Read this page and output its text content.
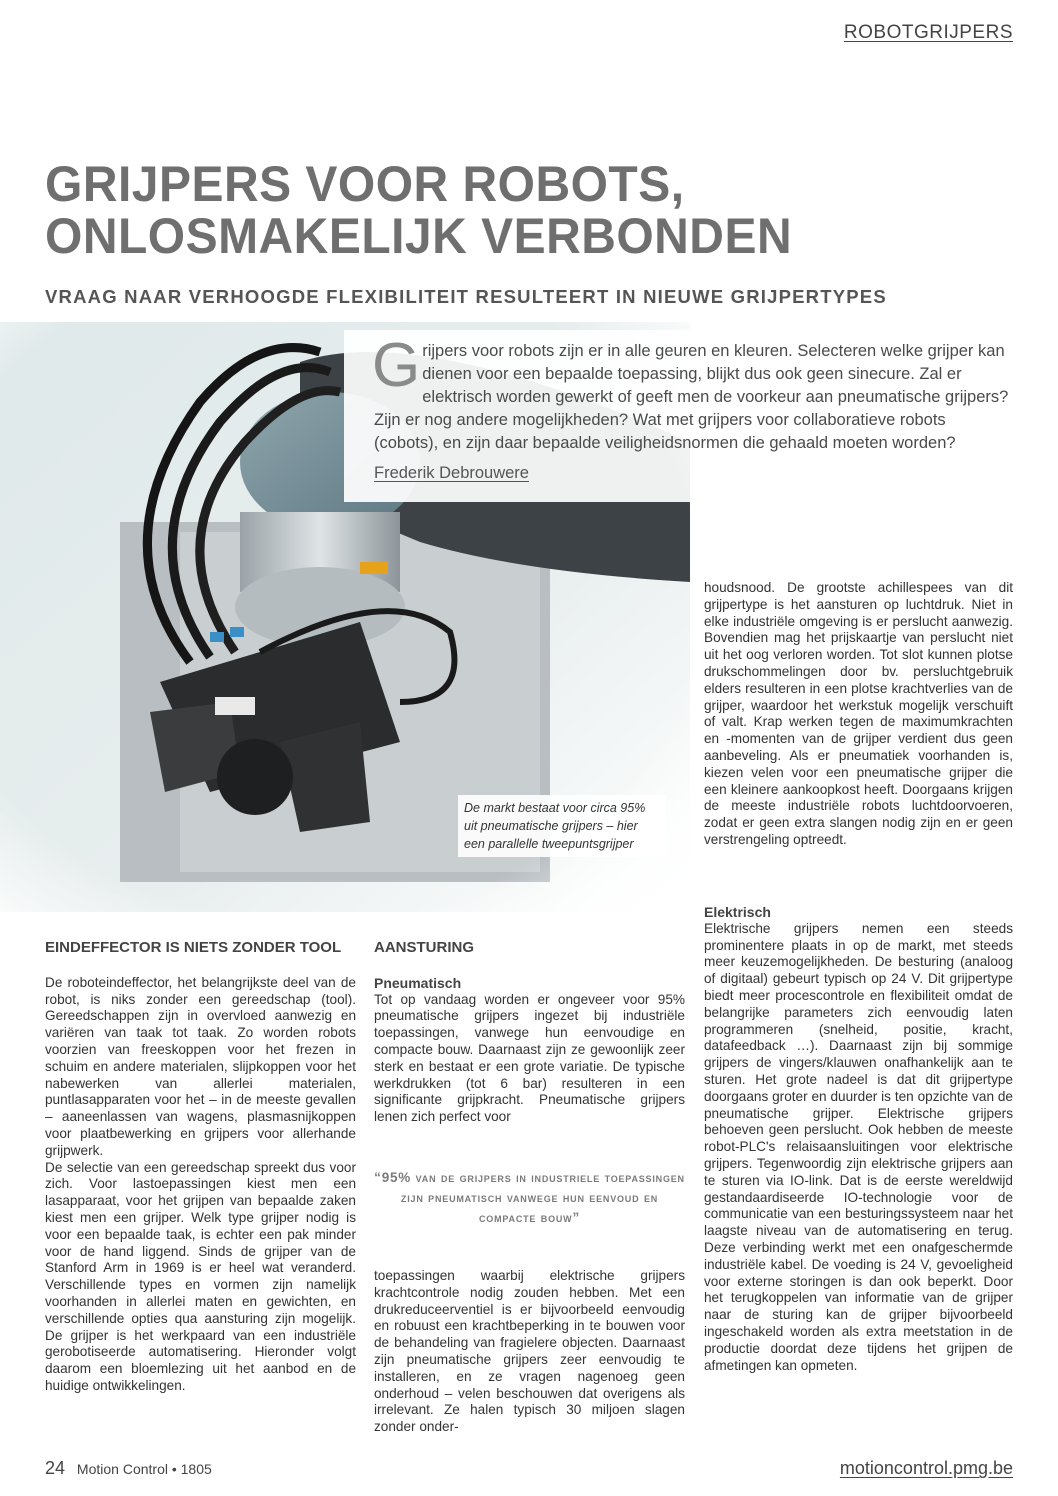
ROBOTGRIJPERS
GRIJPERS VOOR ROBOTS, ONLOSMAKELIJK VERBONDEN
VRAAG NAAR VERHOOGDE FLEXIBILITEIT RESULTEERT IN NIEUWE GRIJPERTYPES
De markt bestaat voor circa 95% uit pneumatische grijpers – hier een parallelle tweepuntsgrijper

Grijpers voor robots zijn er in alle geuren en kleuren. Selecteren welke grijper kan dienen voor een bepaalde toepassing, blijkt dus ook geen sinecure. Zal er elektrisch worden gewerkt of geeft men de voorkeur aan pneumatische grijpers? Zijn er nog andere mogelijkheden? Wat met grijpers voor collaboratieve robots (cobots), en zijn daar bepaalde veiligheidsnormen die gehaald moeten worden?

Frederik Debrouwere
EINDEFFECTOR IS NIETS ZONDER TOOL

De roboteindeffector, het belangrijkste deel van de robot, is niks zonder een gereedschap (tool). Gereedschappen zijn in overvloed aanwezig en variëren van taak tot taak. Zo worden robots voorzien van freeskoppen voor het frezen in schuim en andere materialen, slijpkoppen voor het nabewerken van allerlei materialen, puntlasapparaten voor het – in de meeste gevallen – aaneenlassen van wagens, plasmasnijkoppen voor plaatbewerking en grijpers voor allerhande grijpwerk.

De selectie van een gereedschap spreekt dus voor zich. Voor lastoepassingen kiest men een lasapparaat, voor het grijpen van bepaalde zaken kiest men een grijper. Welk type grijper nodig is voor een bepaalde taak, is echter een pak minder voor de hand liggend. Sinds de grijper van de Stanford Arm in 1969 is er heel wat veranderd. Verschillende types en vormen zijn namelijk voorhanden in allerlei maten en gewichten, en verschillende opties qua aansturing zijn mogelijk. De grijper is het werkpaard van een industriële gerobotiseerde automatisering. Hieronder volgt daarom een bloemlezing uit het aanbod en de huidige ontwikkelingen.

AANSTURING

Pneumatisch

Tot op vandaag worden er ongeveer voor 95% pneumatische grijpers ingezet bij industriële toepassingen, vanwege hun eenvoudige en compacte bouw. Daarnaast zijn ze gewoonlijk zeer sterk en bestaat er een grote variatie. De typische werkdrukken (tot 6 bar) resulteren in een significante grijpkracht. Pneumatische grijpers lenen zich perfect voor

“95% van de grijpers in industriele toepassingen zijn pneumatisch vanwege hun eenvoud en compacte bouw”

toepassingen waarbij elektrische grijpers krachtcontrole nodig zouden hebben. Met een drukreduceerventiel is er bijvoorbeeld eenvoudig en robuust een krachtbeperking in te bouwen voor de behandeling van fragielere objecten. Daarnaast zijn pneumatische grijpers zeer eenvoudig te installeren, en ze vragen nagenoeg geen onderhoud – velen beschouwen dat overigens als irrelevant. Ze halen typisch 30 miljoen slagen zonder onder-

houdsnood. De grootste achillespees van dit grijpertype is het aansturen op luchtdruk. Niet in elke industriële omgeving is er perslucht aanwezig. Bovendien mag het prijskaartje van perslucht niet uit het oog verloren worden. Tot slot kunnen plotse drukschommelingen door bv. persluchtgebruik elders resulteren in een plotse krachtverlies van de grijper, waardoor het werkstuk mogelijk verschuift of valt. Krap werken tegen de maximumkrachten en -momenten van de grijper verdient dus geen aanbeveling. Als er pneumatiek voorhanden is, kiezen velen voor een pneumatische grijper die een kleinere aankoopkost heeft. Doorgaans krijgen de meeste industriële robots luchtdoorvoeren, zodat er geen extra slangen nodig zijn en er geen verstrengeling optreedt.

Elektrisch

Elektrische grijpers nemen een steeds prominentere plaats in op de markt, met steeds meer keuzemogelijkheden. De besturing (analoog of digitaal) gebeurt typisch op 24 V. Dit grijpertype biedt meer procescontrole en flexibiliteit omdat de belangrijke parameters zich eenvoudig laten programmeren (snelheid, positie, kracht, datafeedback …). Daarnaast zijn bij sommige grijpers de vingers/klauwen onafhankelijk aan te sturen. Het grote nadeel is dat dit grijpertype doorgaans groter en duurder is ten opzichte van de pneumatische grijper. Elektrische grijpers behoeven geen perslucht. Ook hebben de meeste robot-PLC's relaisaansluitingen voor elektrische grijpers. Tegenwoordig zijn elektrische grijpers aan te sturen via IO-link. Dat is de eerste wereldwijd gestandaardiseerde IO-technologie voor de communicatie van een besturingssysteem naar het laagste niveau van de automatisering en terug. Deze verbinding werkt met een onafgeschermde industriële kabel. De voeding is 24 V, gevoeligheid voor externe storingen is dan ook beperkt. Door het terugkoppelen van informatie van de grijper naar de sturing kan de grijper bijvoorbeeld ingeschakeld worden als extra meetstation in de productie doordat deze tijdens het grijpen de afmetingen kan opmeten.

24 Motion Control • 1805	motioncontrol.pmg.be
